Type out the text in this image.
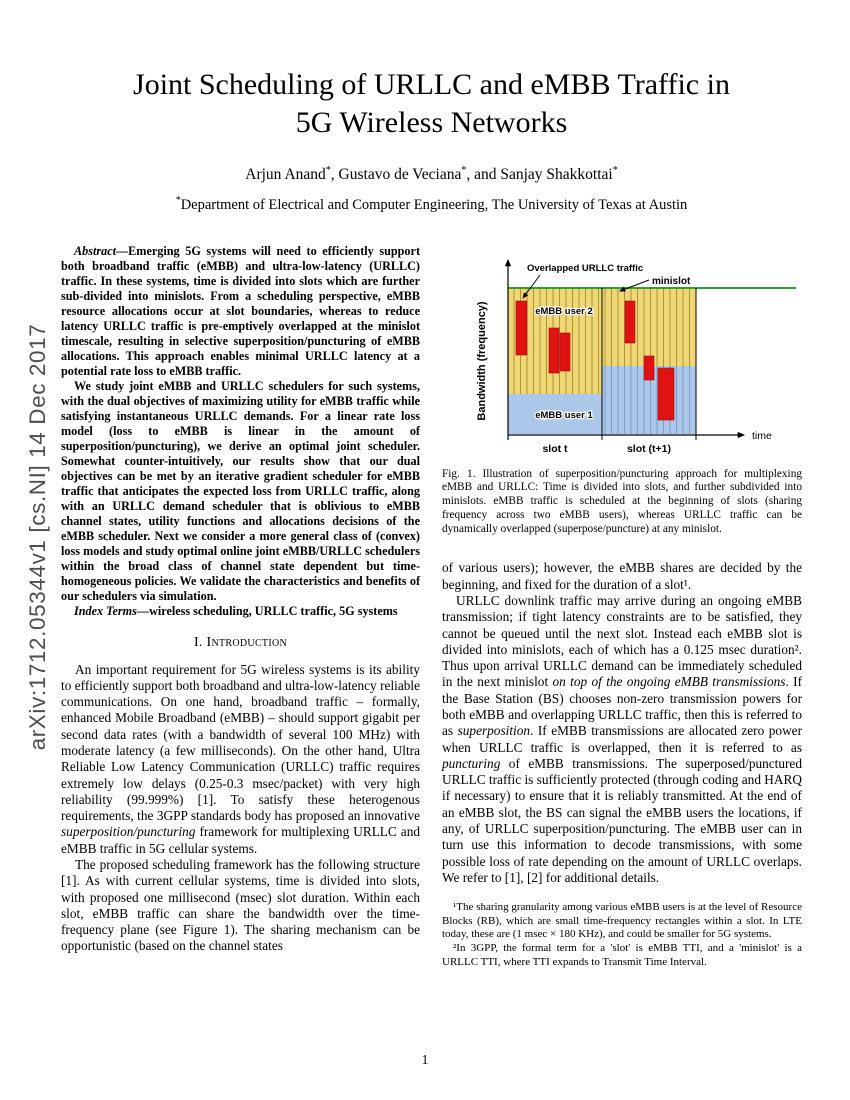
arXiv:1712.05344v1 [cs.NI] 14 Dec 2017
Joint Scheduling of URLLC and eMBB Traffic in
5G Wireless Networks
Arjun Anand*, Gustavo de Veciana*, and Sanjay Shakkottai*
*Department of Electrical and Computer Engineering, The University of Texas at Austin

Abstract—Emerging 5G systems will need to efficiently support both broadband traffic (eMBB) and ultra-low-latency (URLLC) traffic. In these systems, time is divided into slots which are further sub-divided into minislots. From a scheduling perspective, eMBB resource allocations occur at slot boundaries, whereas to reduce latency URLLC traffic is pre-emptively overlapped at the minislot timescale, resulting in selective superposition/puncturing of eMBB allocations. This approach enables minimal URLLC latency at a potential rate loss to eMBB traffic.

We study joint eMBB and URLLC schedulers for such systems, with the dual objectives of maximizing utility for eMBB traffic while satisfying instantaneous URLLC demands. For a linear rate loss model (loss to eMBB is linear in the amount of superposition/puncturing), we derive an optimal joint scheduler. Somewhat counter-intuitively, our results show that our dual objectives can be met by an iterative gradient scheduler for eMBB traffic that anticipates the expected loss from URLLC traffic, along with an URLLC demand scheduler that is oblivious to eMBB channel states, utility functions and allocations decisions of the eMBB scheduler. Next we consider a more general class of (convex) loss models and study optimal online joint eMBB/URLLC schedulers within the broad class of channel state dependent but time-homogeneous policies. We validate the characteristics and benefits of our schedulers via simulation.

Index Terms—wireless scheduling, URLLC traffic, 5G systems

I. Introduction

An important requirement for 5G wireless systems is its ability to efficiently support both broadband and ultra-low-latency reliable communications. On one hand, broadband traffic – formally, enhanced Mobile Broadband (eMBB) – should support gigabit per second data rates (with a bandwidth of several 100 MHz) with moderate latency (a few milliseconds). On the other hand, Ultra Reliable Low Latency Communication (URLLC) traffic requires extremely low delays (0.25-0.3 msec/packet) with very high reliability (99.999%) [1]. To satisfy these heterogenous requirements, the 3GPP standards body has proposed an innovative superposition/puncturing framework for multiplexing URLLC and eMBB traffic in 5G cellular systems.

The proposed scheduling framework has the following structure [1]. As with current cellular systems, time is divided into slots, with proposed one millisecond (msec) slot duration. Within each slot, eMBB traffic can share the bandwidth over the time-frequency plane (see Figure 1). The sharing mechanism can be opportunistic (based on the channel states

Bandwidth (frequency)
Overlapped URLLC traffic
minislot
eMBB user 2
eMBB user 1
slot t	slot (t+1)
time

Fig. 1. Illustration of superposition/puncturing approach for multiplexing eMBB and URLLC: Time is divided into slots, and further subdivided into minislots. eMBB traffic is scheduled at the beginning of slots (sharing frequency across two eMBB users), whereas URLLC traffic can be dynamically overlapped (superpose/puncture) at any minislot.

of various users); however, the eMBB shares are decided by the beginning, and fixed for the duration of a slot¹.

URLLC downlink traffic may arrive during an ongoing eMBB transmission; if tight latency constraints are to be satisfied, they cannot be queued until the next slot. Instead each eMBB slot is divided into minislots, each of which has a 0.125 msec duration². Thus upon arrival URLLC demand can be immediately scheduled in the next minislot on top of the ongoing eMBB transmissions. If the Base Station (BS) chooses non-zero transmission powers for both eMBB and overlapping URLLC traffic, then this is referred to as superposition. If eMBB transmissions are allocated zero power when URLLC traffic is overlapped, then it is referred to as puncturing of eMBB transmissions. The superposed/punctured URLLC traffic is sufficiently protected (through coding and HARQ if necessary) to ensure that it is reliably transmitted. At the end of an eMBB slot, the BS can signal the eMBB users the locations, if any, of URLLC superposition/puncturing. The eMBB user can in turn use this information to decode transmissions, with some possible loss of rate depending on the amount of URLLC overlaps. We refer to [1], [2] for additional details.

¹The sharing granularity among various eMBB users is at the level of Resource Blocks (RB), which are small time-frequency rectangles within a slot. In LTE today, these are (1 msec × 180 KHz), and could be smaller for 5G systems.

²In 3GPP, the formal term for a 'slot' is eMBB TTI, and a 'minislot' is a URLLC TTI, where TTI expands to Transmit Time Interval.

1
